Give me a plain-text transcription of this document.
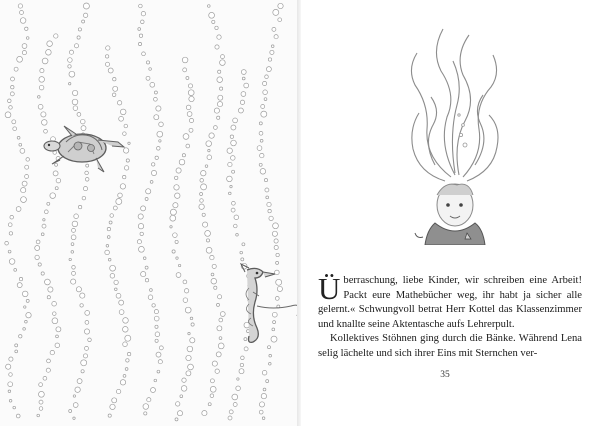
Überraschung, liebe Kinder, wir schreiben eine Arbeit! Packt eure Mathebücher weg, ihr habt ja sicher alle gelernt.« Schwungvoll betrat Herr Kottel das Klassenzimmer und knallte seine Aktentasche aufs Lehrerpult.

Kollektives Stöhnen ging durch die Bänke. Während Lena selig lächelte und sich ihrer Eins mit Sternchen ver-

35
